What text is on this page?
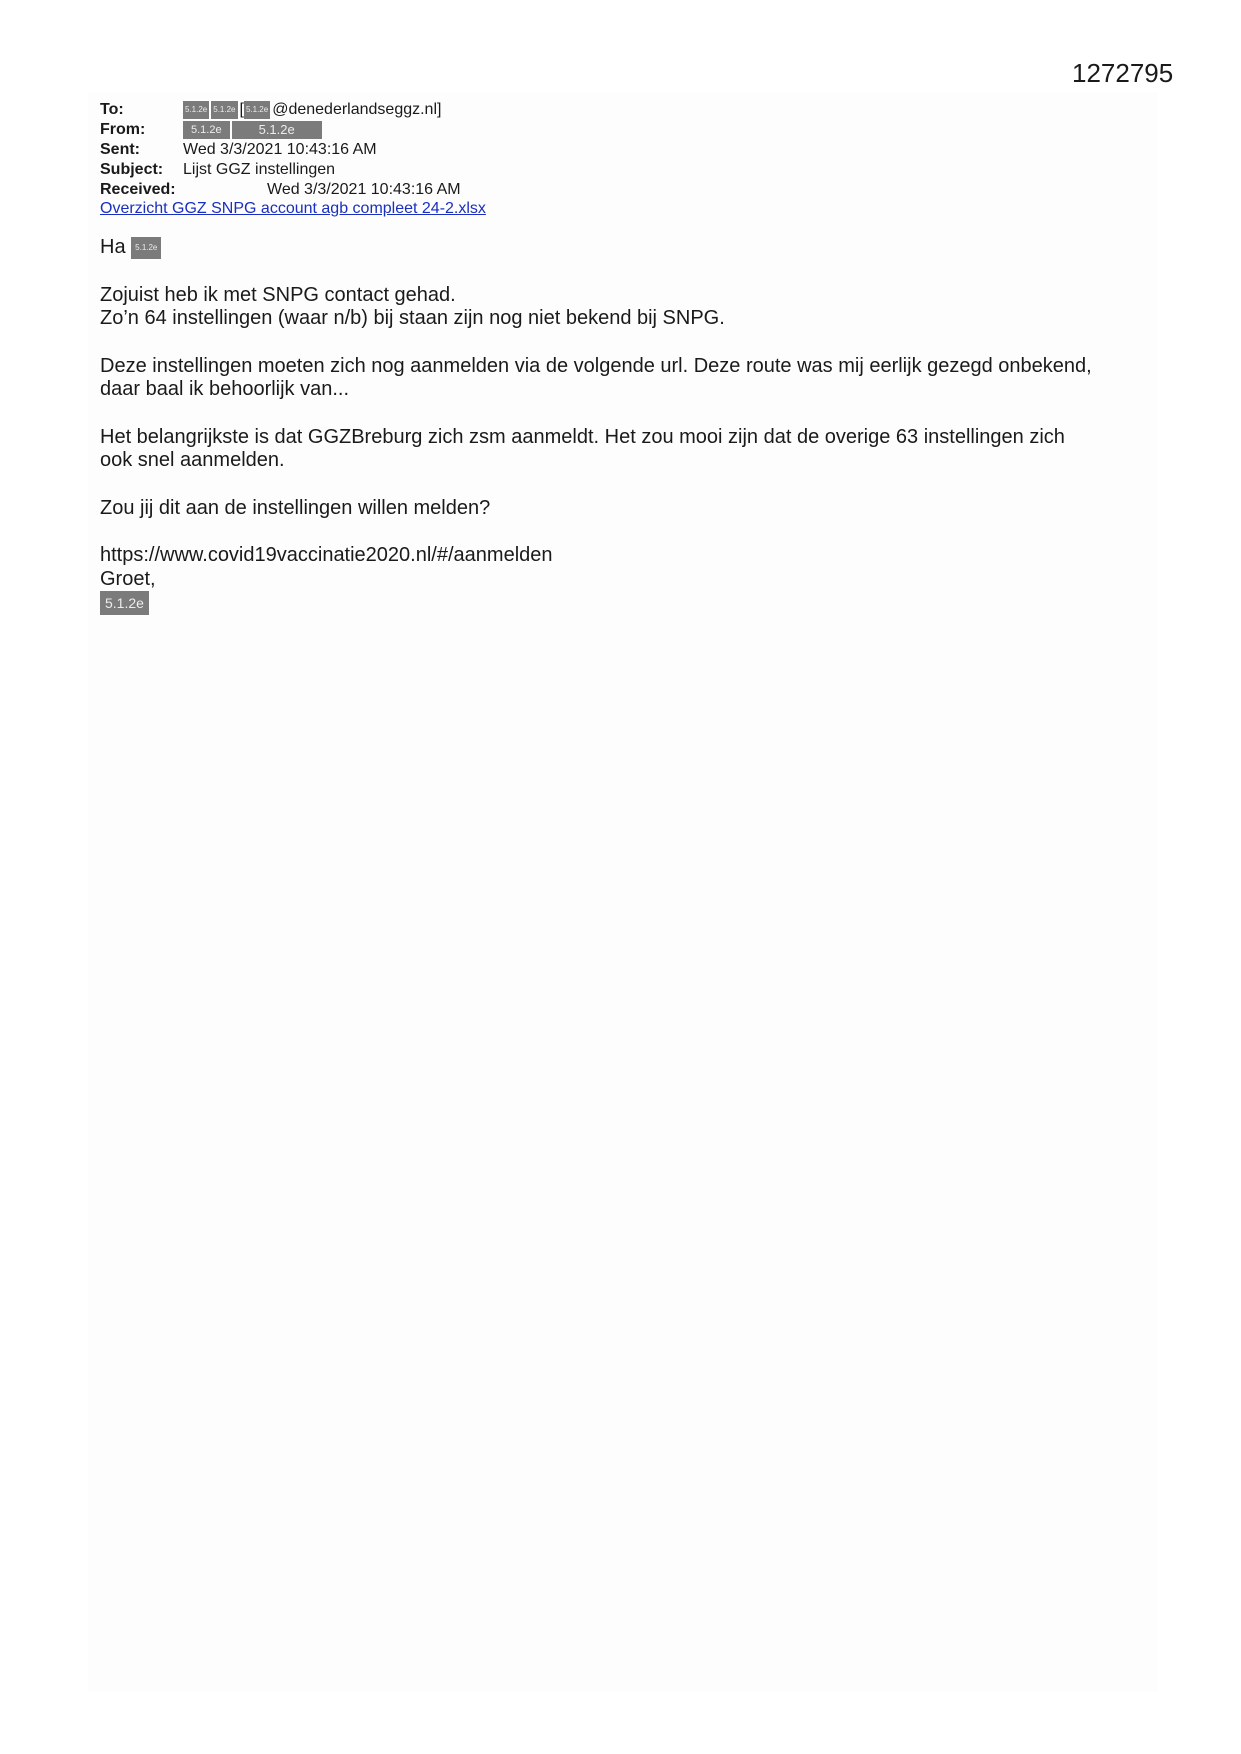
1272795
To:	5.1.2e 5.1.2e [ 5.1.2e @denederlandseggz.nl]
From:	5.1.2e	5.1.2e
Sent:	Wed 3/3/2021 10:43:16 AM
Subject: Lijst GGZ instellingen
Received:	Wed 3/3/2021 10:43:16 AM
Overzicht GGZ SNPG account agb compleet 24-2.xlsx

Ha 5.1.2e

Zojuist heb ik met SNPG contact gehad.

Zo’n 64 instellingen (waar n/b) bij staan zijn nog niet bekend bij SNPG.

Deze instellingen moeten zich nog aanmelden via de volgende url. Deze route was mij eerlijk gezegd onbekend,

daar baal ik behoorlijk van...

Het belangrijkste is dat GGZBreburg zich zsm aanmeldt. Het zou mooi zijn dat de overige 63 instellingen zich

ook snel aanmelden.

Zou jij dit aan de instellingen willen melden?

https://www.covid19vaccinatie2020.nl/#/aanmelden

Groet,

5.1.2e
